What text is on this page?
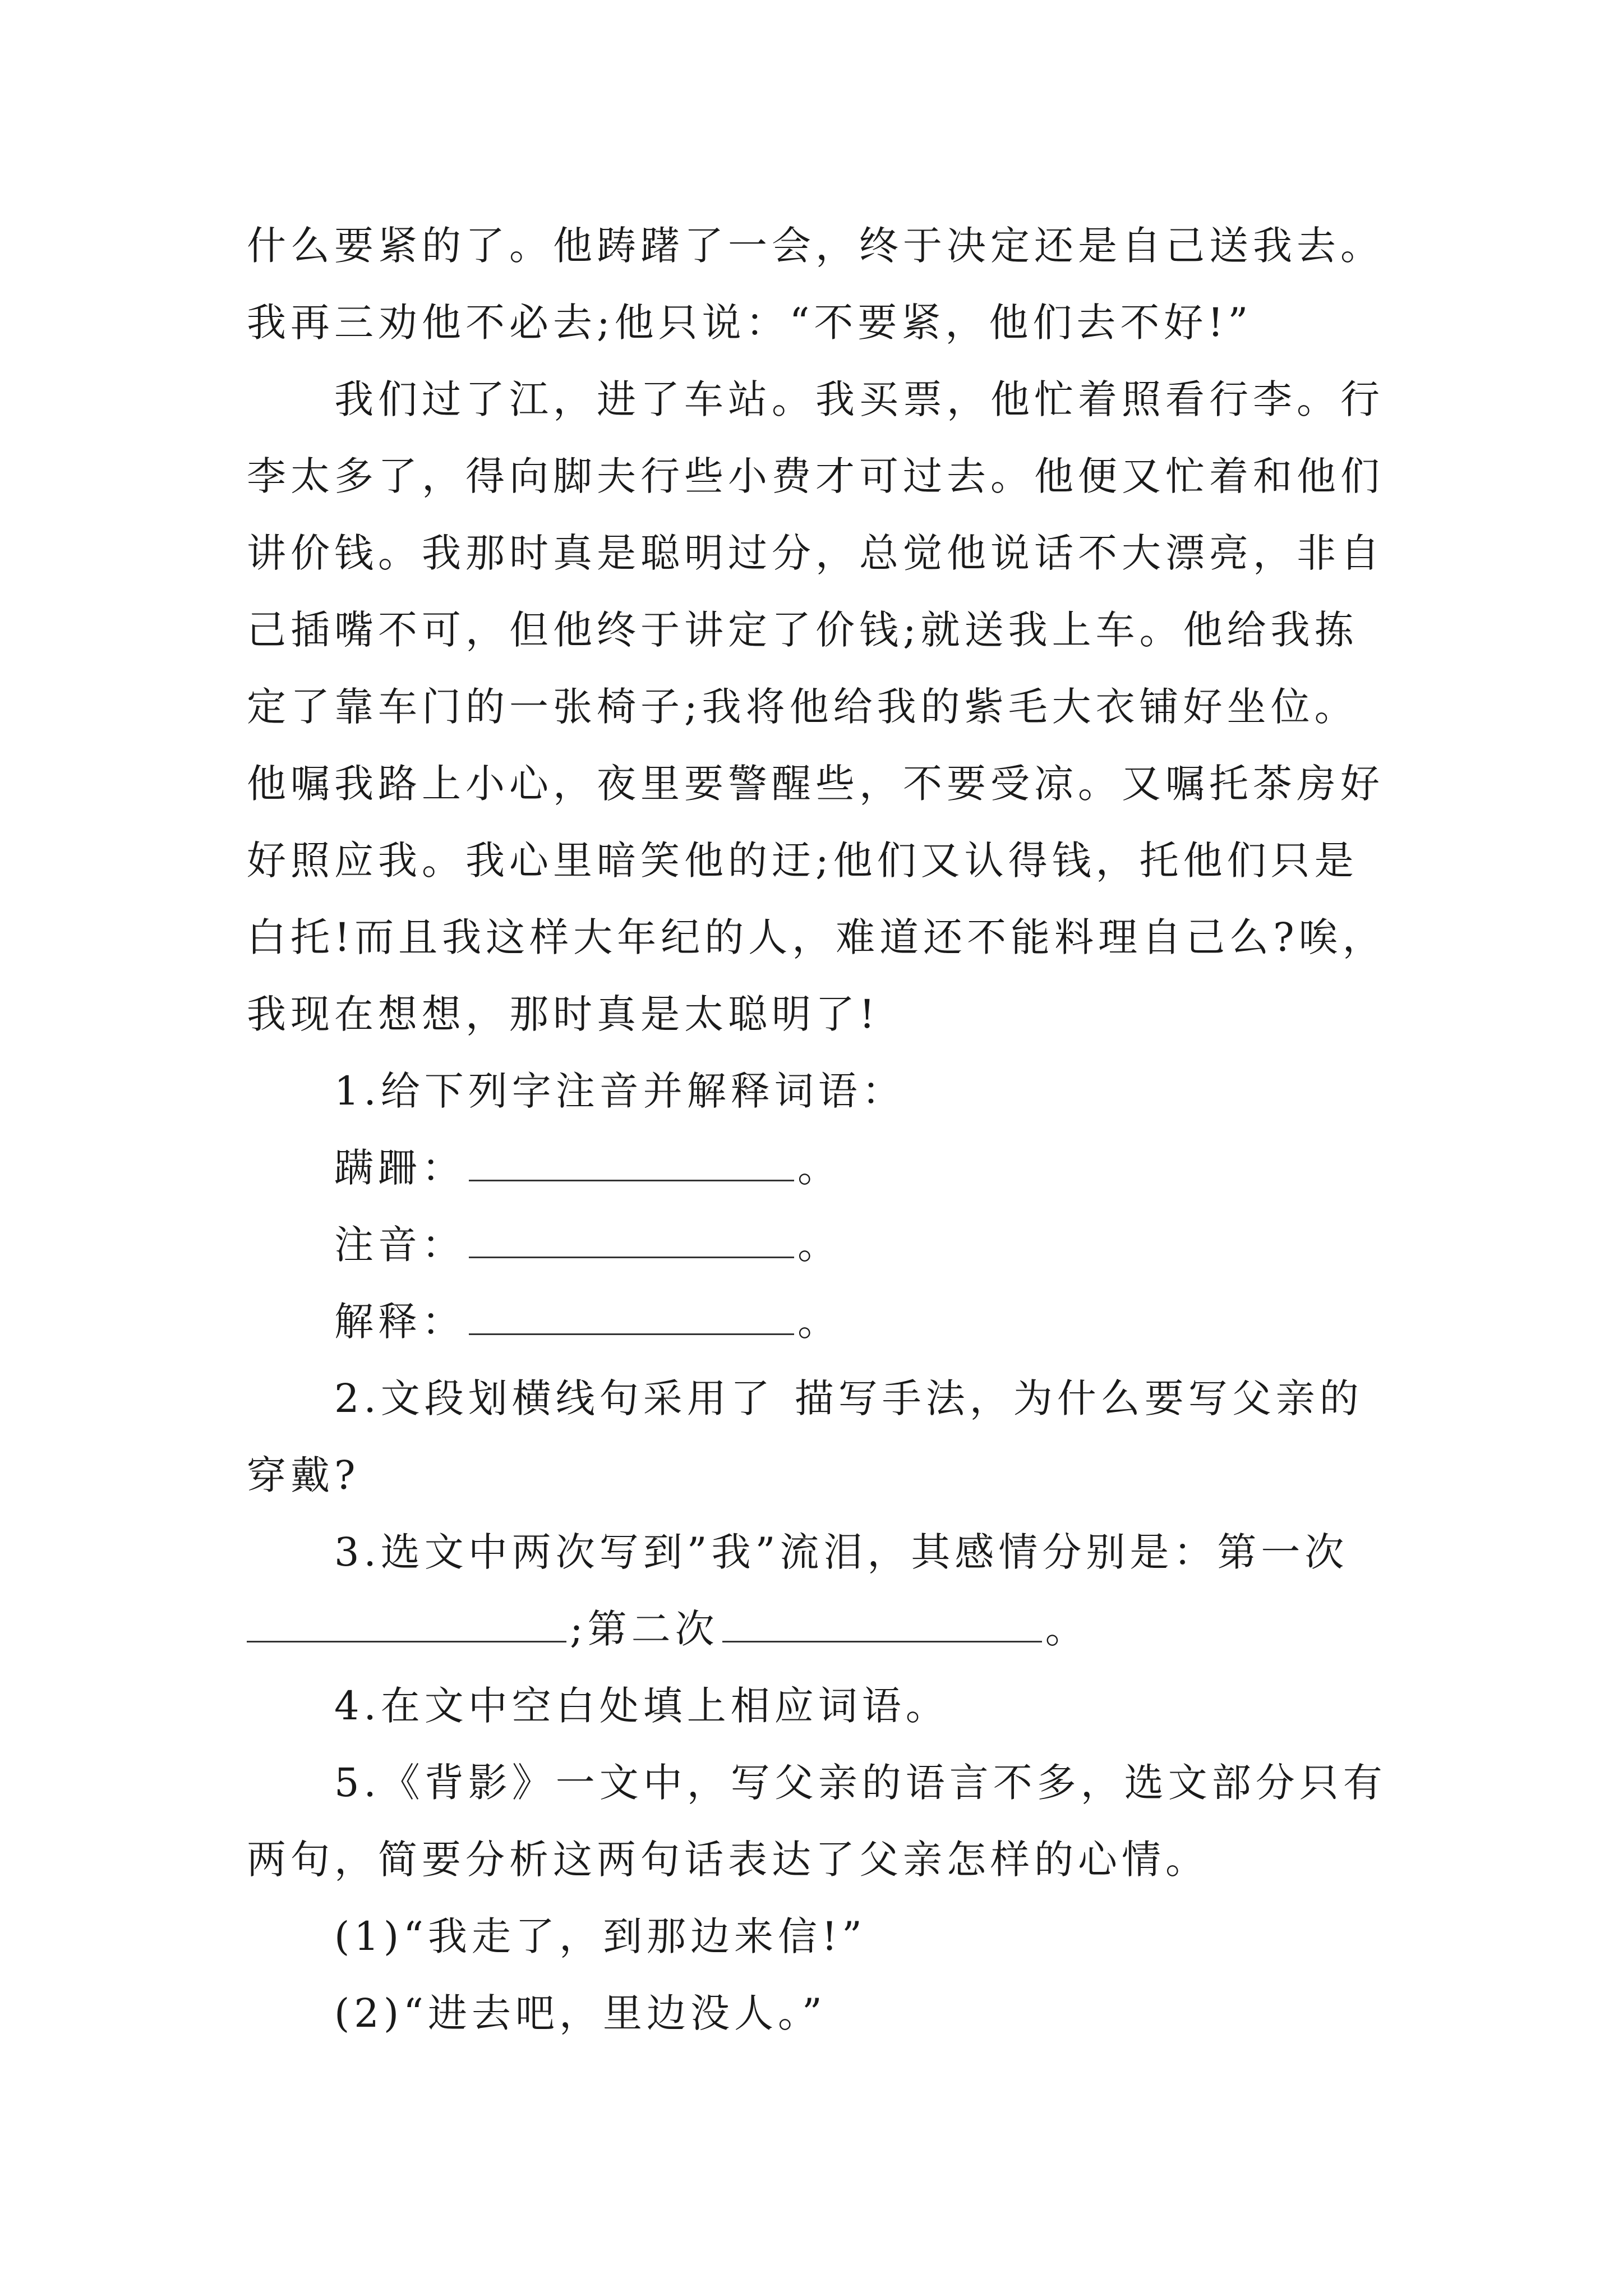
什么要紧的了。他踌躇了一会，终于决定还是自己送我去。我再三劝他不必去;他只说：“不要紧，他们去不好!”

我们过了江，进了车站。我买票，他忙着照看行李。行李太多了，得向脚夫行些小费才可过去。他便又忙着和他们讲价钱。我那时真是聪明过分，总觉他说话不大漂亮，非自己插嘴不可，但他终于讲定了价钱;就送我上车。他给我拣定了靠车门的一张椅子;我将他给我的紫毛大衣铺好坐位。他嘱我路上小心，夜里要警醒些，不要受凉。又嘱托茶房好好照应我。我心里暗笑他的迂;他们又认得钱，托他们只是白托!而且我这样大年纪的人，难道还不能料理自己么?唉，我现在想想，那时真是太聪明了!

1.给下列字注音并解释词语：

蹒跚：	。
注音：	。
解释：	。

2.文段划横线句采用了 描写手法，为什么要写父亲的穿戴?

3.选文中两次写到”我”流泪，其感情分别是：第一次

;第二次	。

4.在文中空白处填上相应词语。

5.《背影》一文中，写父亲的语言不多，选文部分只有两句，简要分析这两句话表达了父亲怎样的心情。

(1)“我走了，到那边来信!”

(2)“进去吧，里边没人。”
